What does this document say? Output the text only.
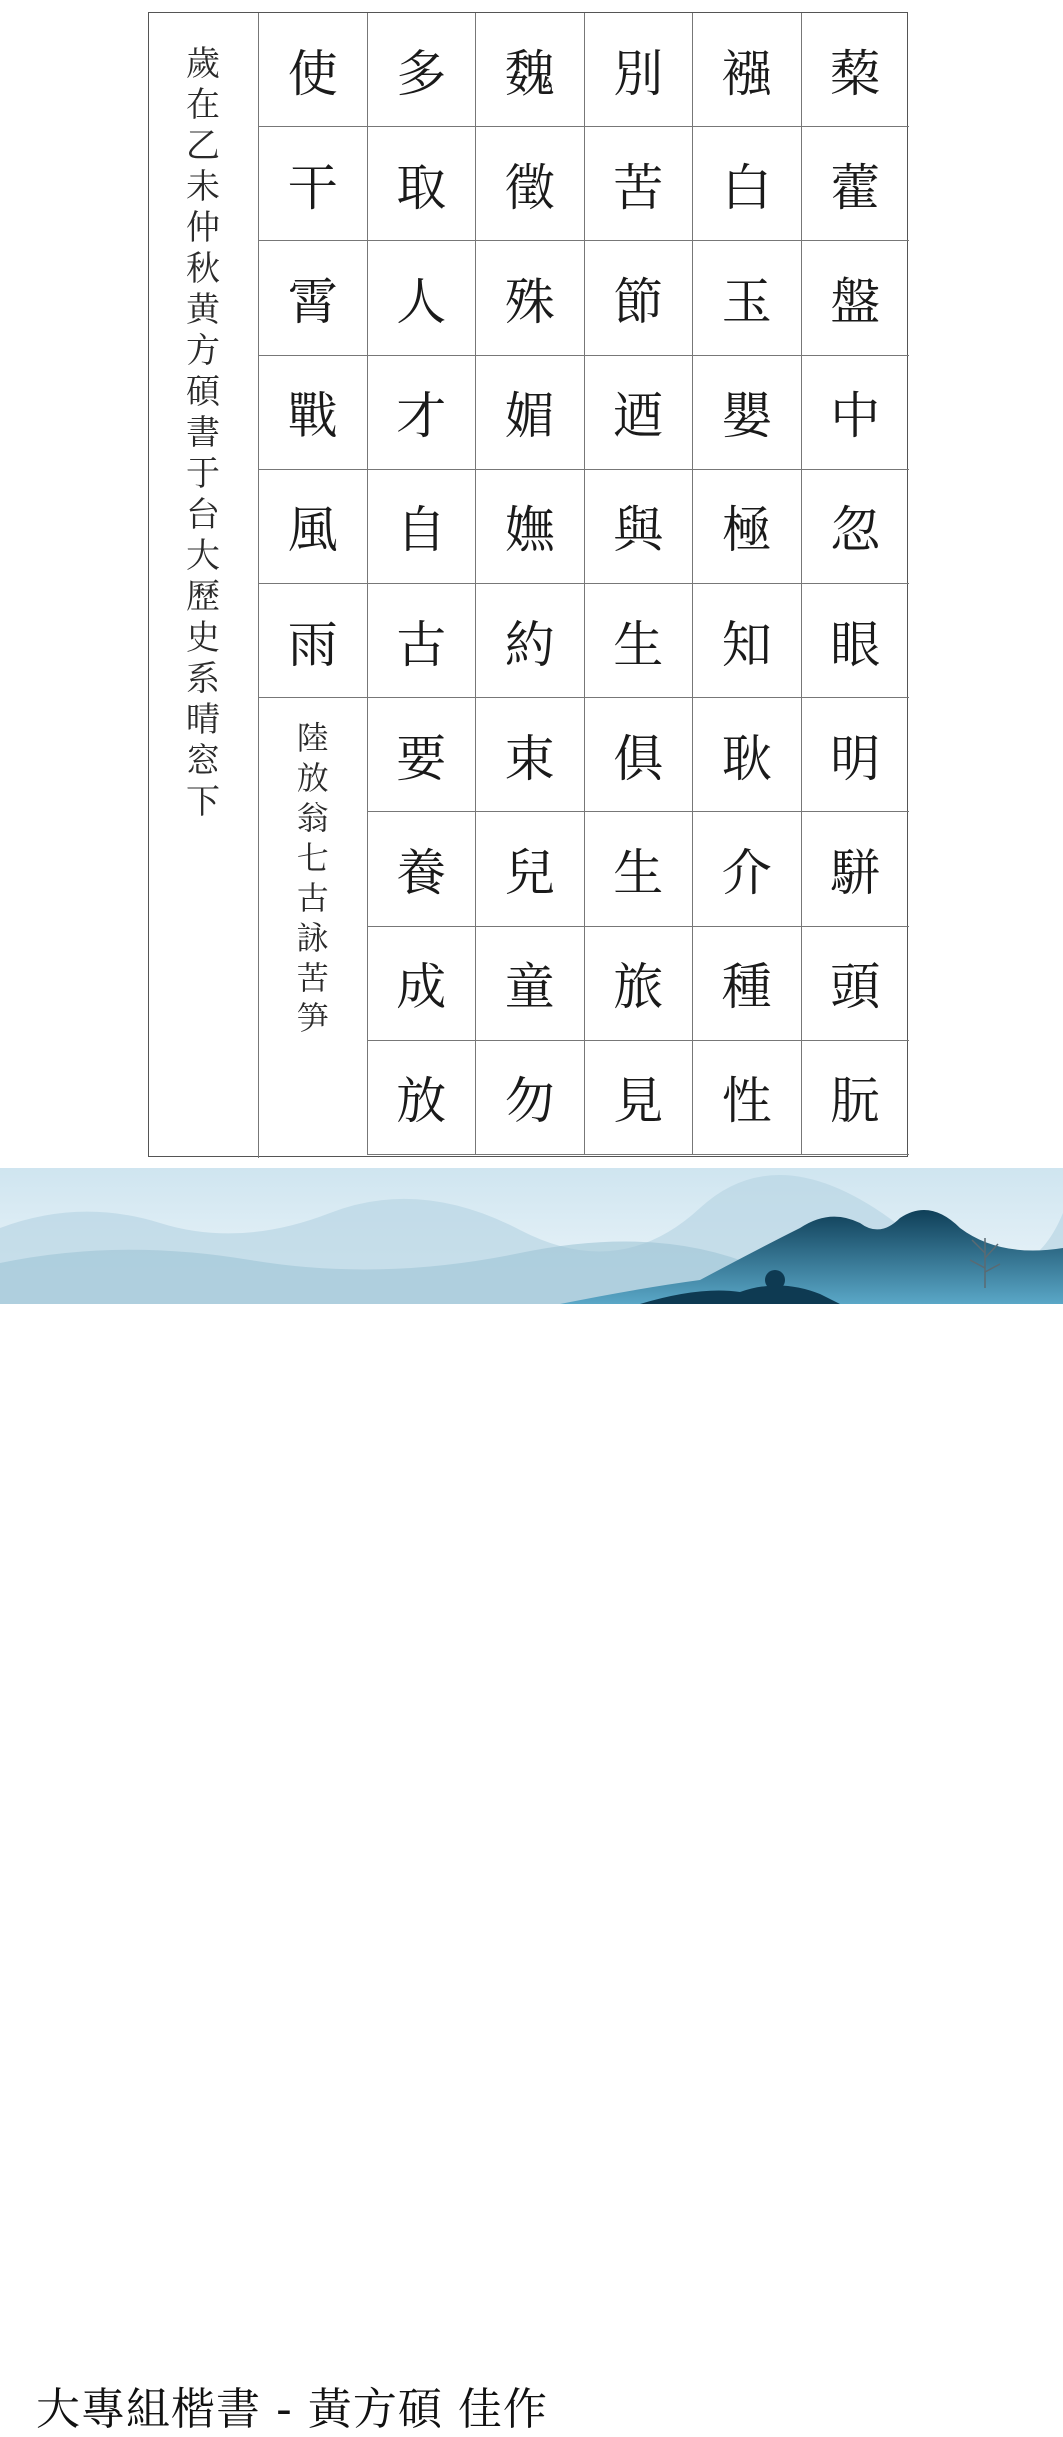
歲
在
乙
未
仲
秋
黄
方
碩
書
于
台
大
歷
史
系
晴
窓
下
蔾
藿
盤
中
忽
眼
明
駢
頭
朊
襁
白
玉
嬰
極
知
耿
介
種
性
別
苦
節
迺
與
生
俱
生
旅
見
魏
徵
殊
媚
嫵
約
束
兒
童
勿
多
取
人
才
自
古
要
養
成
放
使
干
霄
戰
風
雨
陸
放
翁
七
古
詠
苦
笋
大專組楷書 - 黃方碩 佳作
